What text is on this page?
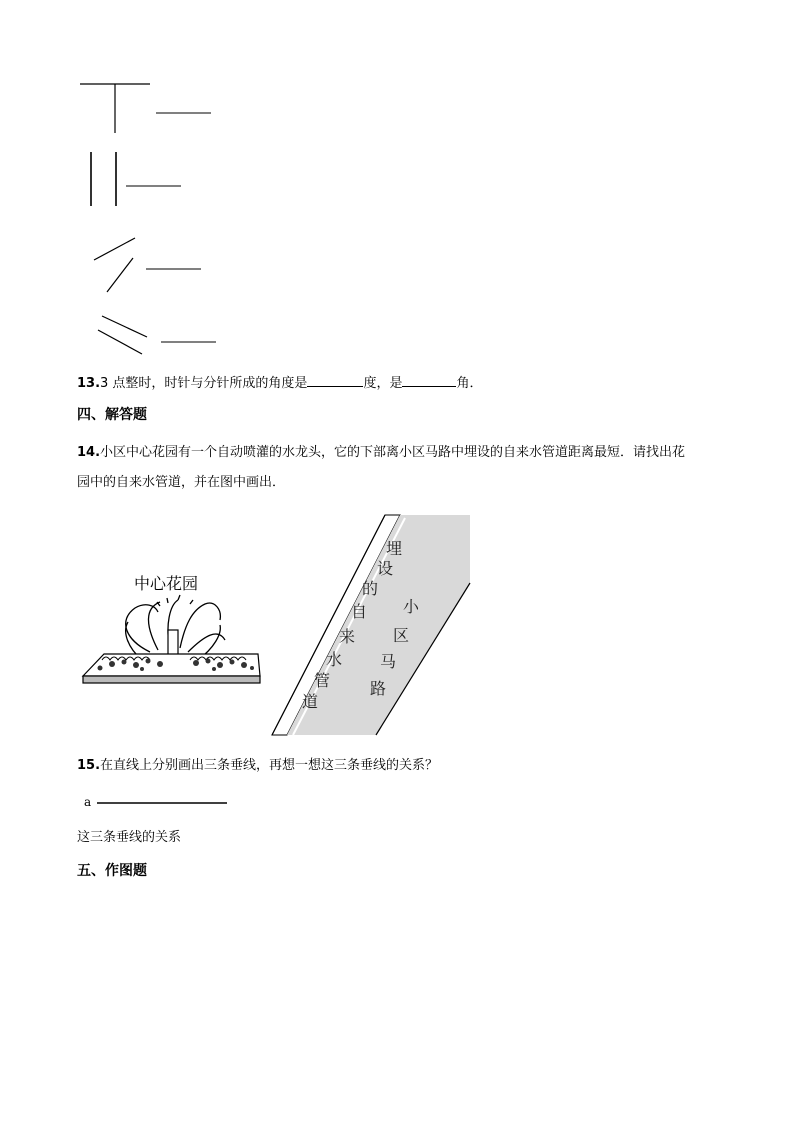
13.3 点整时，时针与分针所成的角度是	度，是	角．
四、解答题
14.小区中心花园有一个自动喷灌的水龙头，它的下部离小区马路中埋设的自来水管道距离最短．请找出花
园中的自来水管道，并在图中画出．
中心花园
埋
设
的
自
来
水
管
道
小
区
马
路
15.在直线上分别画出三条垂线，再想一想这三条垂线的关系？
a
这三条垂线的关系
五、作图题
